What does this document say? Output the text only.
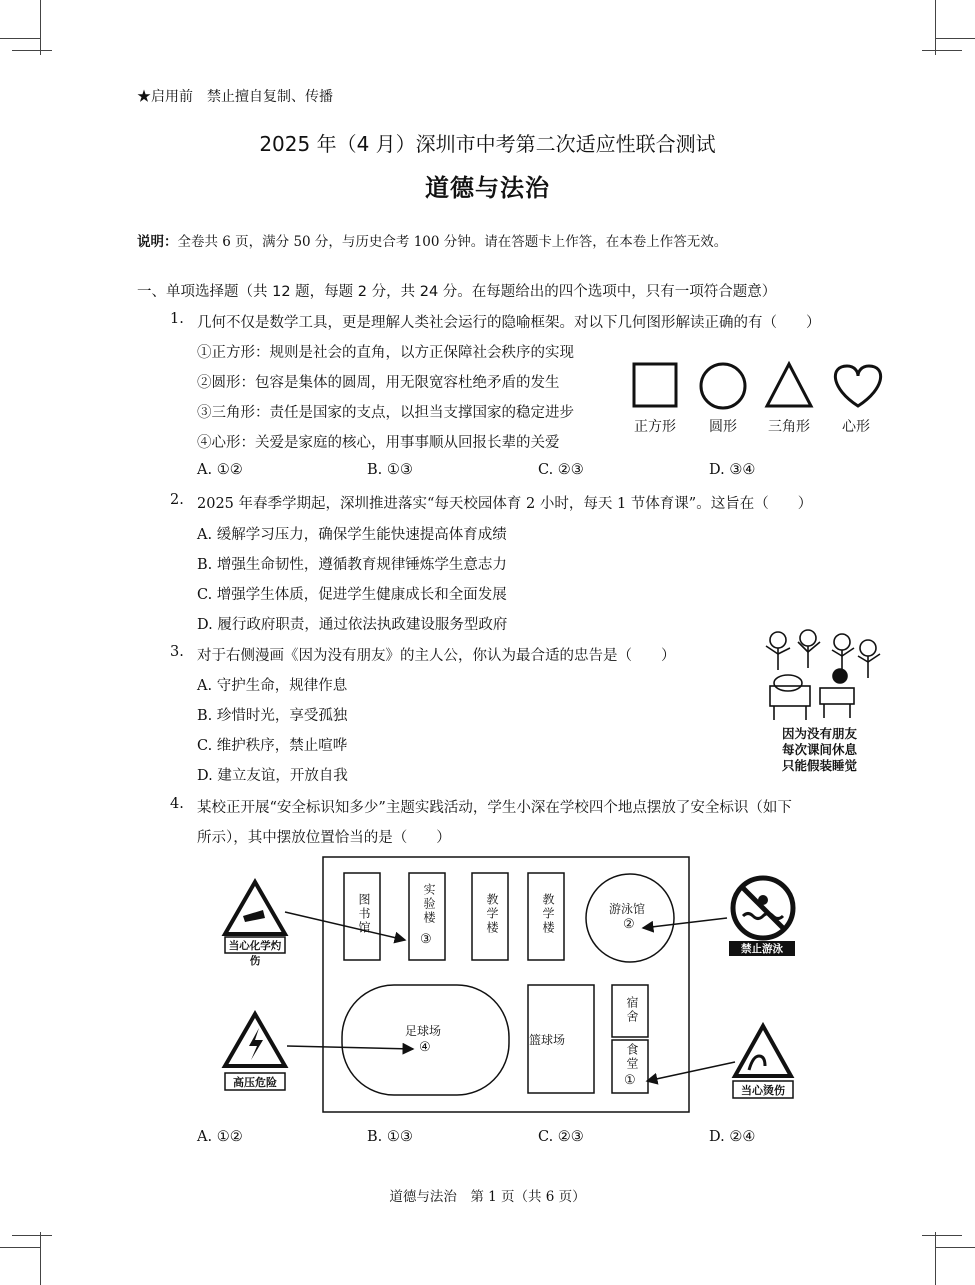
★启用前　禁止擅自复制、传播
2025 年（4 月）深圳市中考第二次适应性联合测试
道德与法治
说明：全卷共 6 页，满分 50 分，与历史合考 100 分钟。请在答题卡上作答，在本卷上作答无效。
一、单项选择题（共 12 题，每题 2 分，共 24 分。在每题给出的四个选项中，只有一项符合题意）
1. 几何不仅是数学工具，更是理解人类社会运行的隐喻框架。对以下几何图形解读正确的有（　　）
①正方形：规则是社会的直角，以方正保障社会秩序的实现
②圆形：包容是集体的圆周，用无限宽容杜绝矛盾的发生
③三角形：责任是国家的支点，以担当支撑国家的稳定进步
④心形：关爱是家庭的核心，用事事顺从回报长辈的关爱
正方形	圆形	三角形	心形
A. ①②	B. ①③	C. ②③	D. ③④
2. 2025 年春季学期起，深圳推进落实“每天校园体育 2 小时，每天 1 节体育课”。这旨在（　　）
A. 缓解学习压力，确保学生能快速提高体育成绩
B. 增强生命韧性，遵循教育规律锤炼学生意志力
C. 增强学生体质，促进学生健康成长和全面发展
D. 履行政府职责，通过依法执政建设服务型政府
3. 对于右侧漫画《因为没有朋友》的主人公，你认为最合适的忠告是（　　）
A. 守护生命，规律作息
B. 珍惜时光，享受孤独
C. 维护秩序，禁止喧哗
D. 建立友谊，开放自我
因为没有朋友
每次课间休息
只能假装睡觉
4. 某校正开展“安全标识知多少”主题实践活动，学生小深在学校四个地点摆放了安全标识（如下
所示），其中摆放位置恰当的是（　　）
图书馆	实验楼
③
教学楼	教学楼	游泳馆
②
足球场
④	篮球场
宿舍
食堂
①
当心化学灼伤
禁止游泳
高压危险
当心烫伤
A. ①②	B. ①③	C. ②③	D. ②④
道德与法治　第 1 页（共 6 页）
